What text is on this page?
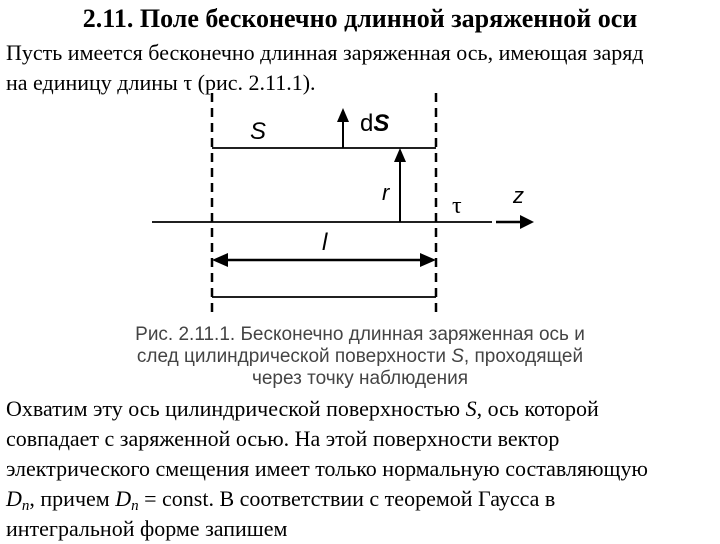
2.11. Поле бесконечно длинной заряженной оси
Пусть имеется бесконечно длинная заряженная ось, имеющая заряд
на единицу длины τ (рис. 2.11.1).
S	dS
r
τ z
l
Рис. 2.11.1. Бесконечно длинная заряженная ось и
след цилиндрической поверхности S, проходящей
через точку наблюдения
Охватим эту ось цилиндрической поверхностью S, ось которой
совпадает с заряженной осью. На этой поверхности вектор
электрического смещения имеет только нормальную составляющую
$D_n$, причем $D_n$ = const. В соответствии с теоремой Гаусса в
интегральной форме запишем
